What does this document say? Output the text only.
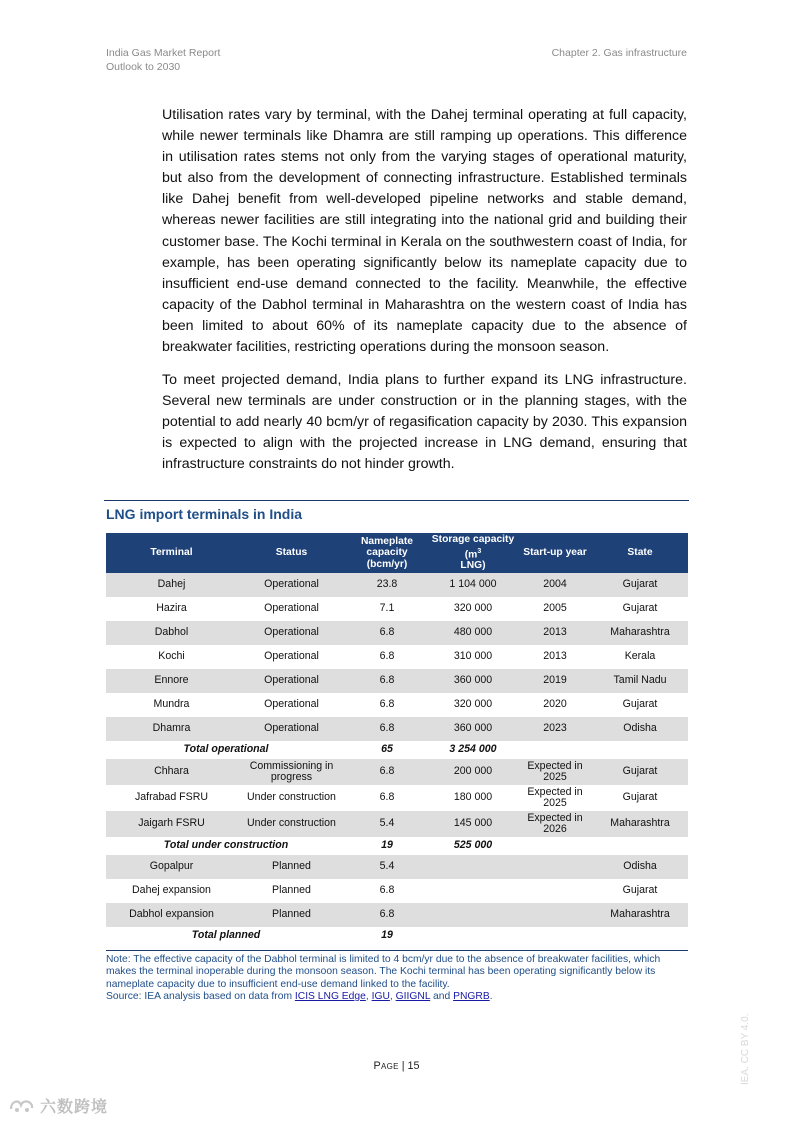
India Gas Market Report
Outlook to 2030
Chapter 2. Gas infrastructure

Utilisation rates vary by terminal, with the Dahej terminal operating at full capacity, while newer terminals like Dhamra are still ramping up operations. This difference in utilisation rates stems not only from the varying stages of operational maturity, but also from the development of connecting infrastructure. Established terminals like Dahej benefit from well-developed pipeline networks and stable demand, whereas newer facilities are still integrating into the national grid and building their customer base. The Kochi terminal in Kerala on the southwestern coast of India, for example, has been operating significantly below its nameplate capacity due to insufficient end-use demand connected to the facility. Meanwhile, the effective capacity of the Dabhol terminal in Maharashtra on the western coast of India has been limited to about 60% of its nameplate capacity due to the absence of breakwater facilities, restricting operations during the monsoon season.

To meet projected demand, India plans to further expand its LNG infrastructure. Several new terminals are under construction or in the planning stages, with the potential to add nearly 40 bcm/yr of regasification capacity by 2030. This expansion is expected to align with the projected increase in LNG demand, ensuring that infrastructure constraints do not hinder growth.

LNG import terminals in India
Terminal	Status	Nameplate capacity (bcm/yr)	Storage capacity ($m^3$
LNG)	Start-up year	State
Dahej	Operational	23.8	1 104 000	2004	Gujarat
Hazira	Operational	7.1	320 000	2005	Gujarat
Dabhol	Operational	6.8	480 000	2013	Maharashtra
Kochi	Operational	6.8	310 000	2013	Kerala
Ennore	Operational	6.8	360 000	2019	Tamil Nadu
Mundra	Operational	6.8	320 000	2020	Gujarat
Dhamra	Operational	6.8	360 000	2023	Odisha
Total operational		65	3 254 000		
Chhara	Commissioning in progress	6.8	200 000	Expected in 2025	Gujarat
Jafrabad FSRU	Under construction	6.8	180 000	Expected in 2025	Gujarat
Jaigarh FSRU	Under construction	5.4	145 000	Expected in 2026	Maharashtra
Total under construction		19	525 000		
Gopalpur	Planned	5.4			Odisha
Dahej expansion	Planned	6.8			Gujarat
Dabhol expansion	Planned	6.8			Maharashtra
Total planned		19			
Note: The effective capacity of the Dabhol terminal is limited to 4 bcm/yr due to the absence of breakwater facilities, which makes the terminal inoperable during the monsoon season. The Kochi terminal has been operating significantly below its nameplate capacity due to insufficient end-use demand linked to the facility.
Source: IEA analysis based on data from ICIS LNG Edge, IGU, GIIGNL and PNGRB.
Page | 15	IEA. CC BY 4.0.
六数跨境
